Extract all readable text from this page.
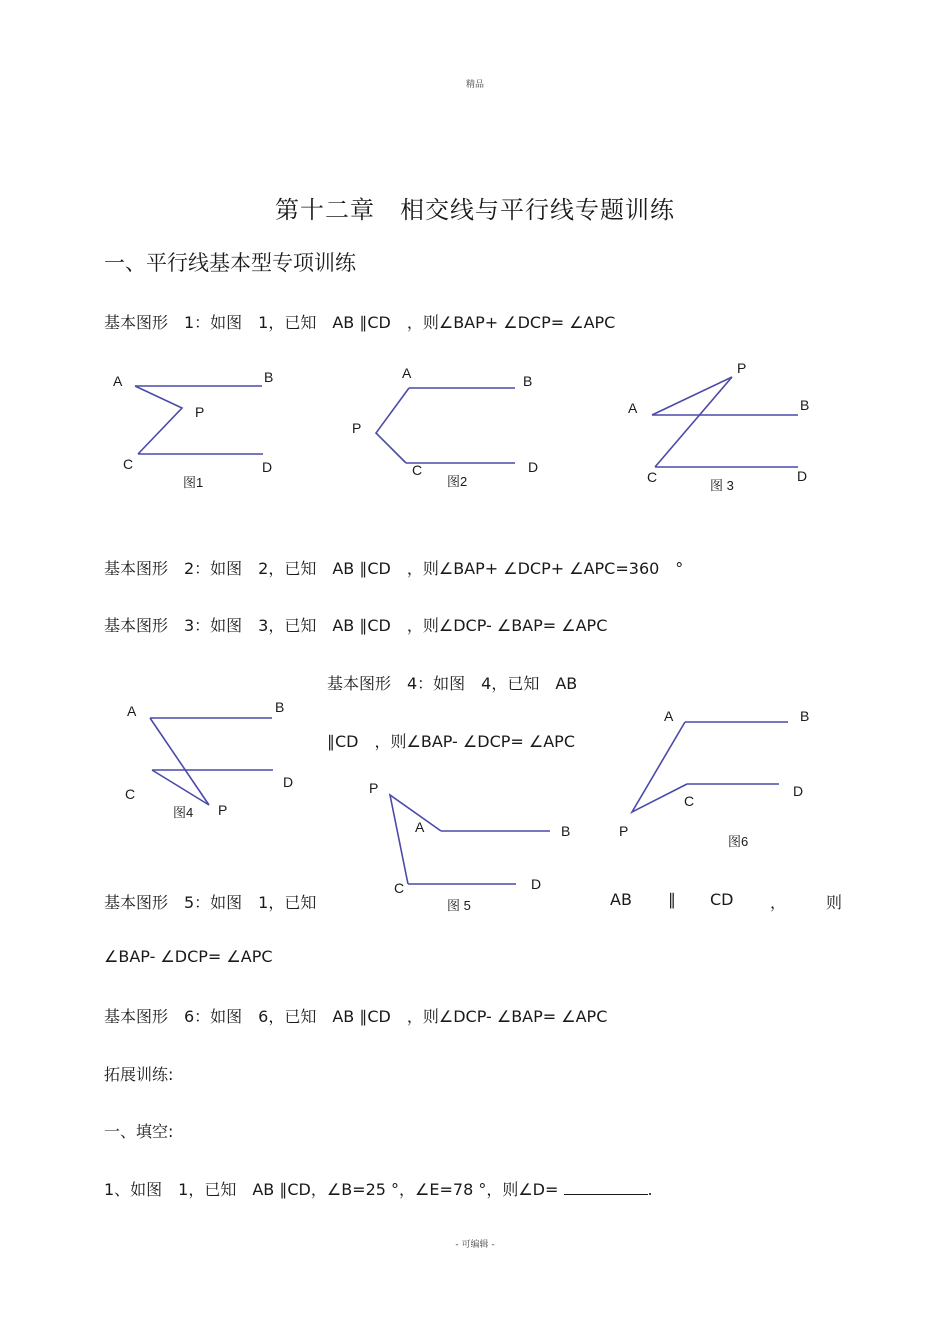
精品
第十二章　相交线与平行线专题训练
一、平行线基本型专项训练
基本图形　1：如图　1，已知　AB ∥CD　，则∠BAP+ ∠DCP= ∠APC
A	B
P
C	D
图1
A	B
P
C	D
图2
A	B
P
C	D
图 3
基本图形　2：如图　2，已知　AB ∥CD　，则∠BAP+ ∠DCP+ ∠APC=360　°
基本图形　3：如图　3，已知　AB ∥CD　，则∠DCP- ∠BAP= ∠APC
基本图形　4：如图　4，已知　AB
∥CD　，则∠BAP- ∠DCP= ∠APC
A	B
D
C
P
图4
P
A	B
C	D
图 5
A	B
D
C
P
图6
基本图形　5：如图　1，已知	AB ∥ CD ， 则
∠BAP- ∠DCP= ∠APC
基本图形　6：如图　6，已知　AB ∥CD　，则∠DCP- ∠BAP= ∠APC
拓展训练:
一、填空:
1、如图　1，已知　AB ∥CD，∠B=25 °，∠E=78 °，则∠D=	.
- 可编辑 -
